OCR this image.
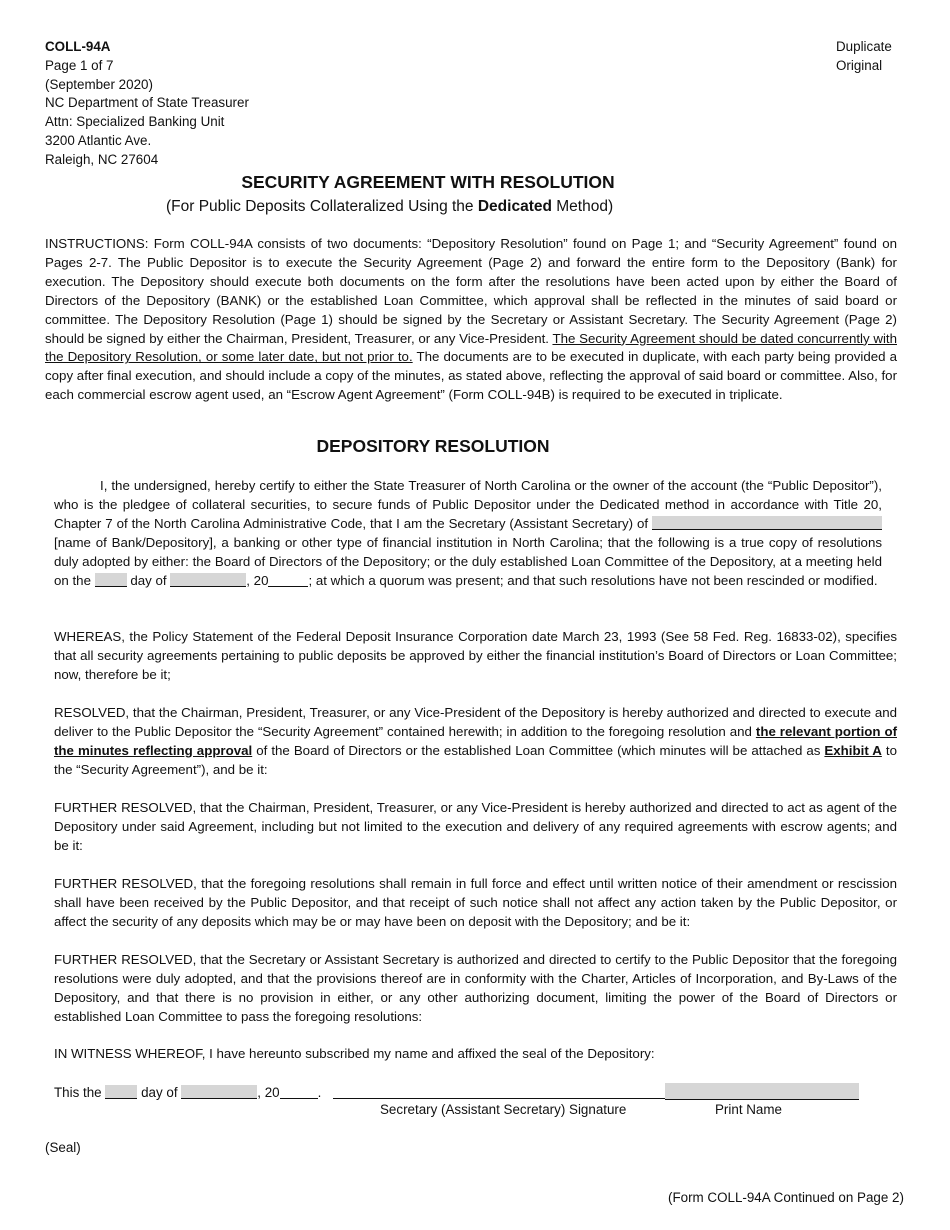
COLL-94A
Page 1 of 7
(September 2020)
NC Department of State Treasurer
Attn: Specialized Banking Unit
3200 Atlantic Ave.
Raleigh, NC 27604
Duplicate
Original
SECURITY AGREEMENT WITH RESOLUTION
(For Public Deposits Collateralized Using the Dedicated Method)
INSTRUCTIONS: Form COLL-94A consists of two documents: “Depository Resolution” found on Page 1; and “Security Agreement” found on Pages 2-7. The Public Depositor is to execute the Security Agreement (Page 2) and forward the entire form to the Depository (Bank) for execution. The Depository should execute both documents on the form after the resolutions have been acted upon by either the Board of Directors of the Depository (BANK) or the established Loan Committee, which approval shall be reflected in the minutes of said board or committee. The Depository Resolution (Page 1) should be signed by the Secretary or Assistant Secretary. The Security Agreement (Page 2) should be signed by either the Chairman, President, Treasurer, or any Vice-President. The Security Agreement should be dated concurrently with the Depository Resolution, or some later date, but not prior to. The documents are to be executed in duplicate, with each party being provided a copy after final execution, and should include a copy of the minutes, as stated above, reflecting the approval of said board or committee. Also, for each commercial escrow agent used, an “Escrow Agent Agreement” (Form COLL-94B) is required to be executed in triplicate.
DEPOSITORY RESOLUTION
I, the undersigned, hereby certify to either the State Treasurer of North Carolina or the owner of the account (the “Public Depositor”), who is the pledgee of collateral securities, to secure funds of Public Depositor under the Dedicated method in accordance with Title 20, Chapter 7 of the North Carolina Administrative Code, that I am the Secretary (Assistant Secretary) of  [name of Bank/Depository], a banking or other type of financial institution in North Carolina; that the following is a true copy of resolutions duly adopted by either: the Board of Directors of the Depository; or the duly established Loan Committee of the Depository, at a meeting held on the  day of	, 20	; at which a quorum was present; and that such resolutions have not been rescinded or modified.
WHEREAS, the Policy Statement of the Federal Deposit Insurance Corporation date March 23, 1993 (See 58 Fed. Reg. 16833-02), specifies that all security agreements pertaining to public deposits be approved by either the financial institution’s Board of Directors or Loan Committee; now, therefore be it;
RESOLVED, that the Chairman, President, Treasurer, or any Vice-President of the Depository is hereby authorized and directed to execute and deliver to the Public Depositor the “Security Agreement” contained herewith; in addition to the foregoing resolution and the relevant portion of the minutes reflecting approval of the Board of Directors or the established Loan Committee (which minutes will be attached as Exhibit A to the “Security Agreement”), and be it:
FURTHER RESOLVED, that the Chairman, President, Treasurer, or any Vice-President is hereby authorized and directed to act as agent of the Depository under said Agreement, including but not limited to the execution and delivery of any required agreements with escrow agents; and be it:
FURTHER RESOLVED, that the foregoing resolutions shall remain in full force and effect until written notice of their amendment or rescission shall have been received by the Public Depositor, and that receipt of such notice shall not affect any action taken by the Public Depositor, or affect the security of any deposits which may be or may have been on deposit with the Depository; and be it:
FURTHER RESOLVED, that the Secretary or Assistant Secretary is authorized and directed to certify to the Public Depositor that the foregoing resolutions were duly adopted, and that the provisions thereof are in conformity with the Charter, Articles of Incorporation, and By-Laws of the Depository, and that there is no provision in either, or any other authorizing document, limiting the power of the Board of Directors or established Loan Committee to pass the foregoing resolutions:
IN WITNESS WHEREOF, I have hereunto subscribed my name and affixed the seal of the Depository:
This the  day of	, 20	.
Secretary (Assistant Secretary) Signature	Print Name
(Seal)
(Form COLL-94A Continued on Page 2)
